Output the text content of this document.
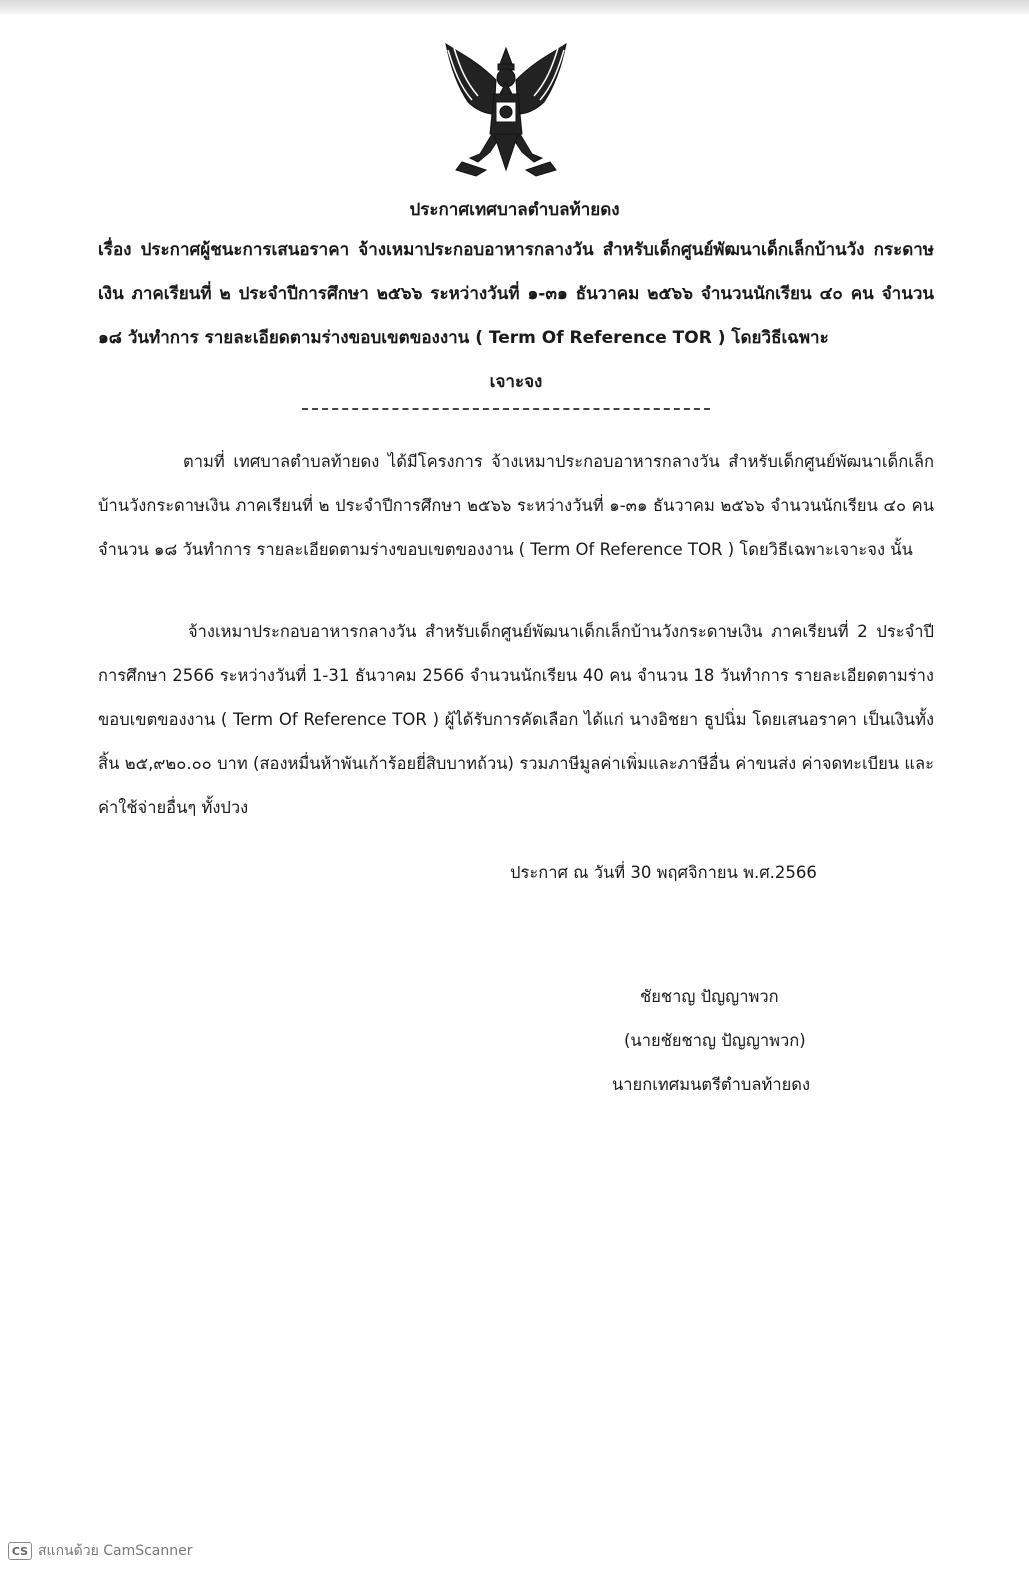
ประกาศเทศบาลตำบลท้ายดง
เรื่อง ประกาศผู้ชนะการเสนอราคา จ้างเหมาประกอบอาหารกลางวัน สำหรับเด็กศูนย์พัฒนาเด็กเล็กบ้านวัง กระดาษเงิน ภาคเรียนที่ ๒ ประจำปีการศึกษา ๒๕๖๖ ระหว่างวันที่ ๑-๓๑ ธันวาคม ๒๕๖๖ จำนวนนักเรียน ๔๐ คน จำนวน ๑๘ วันทำการ รายละเอียดตามร่างขอบเขตของงาน ( Term Of Reference TOR ) โดยวิธีเฉพาะ
เจาะจง
ตามที่ เทศบาลตำบลท้ายดง ได้มีโครงการ จ้างเหมาประกอบอาหารกลางวัน สำหรับเด็กศูนย์พัฒนาเด็กเล็กบ้านวังกระดาษเงิน ภาคเรียนที่ ๒ ประจำปีการศึกษา ๒๕๖๖ ระหว่างวันที่ ๑-๓๑ ธันวาคม ๒๕๖๖ จำนวนนักเรียน ๔๐ คน จำนวน ๑๘ วันทำการ รายละเอียดตามร่างขอบเขตของงาน ( Term Of Reference TOR ) โดยวิธีเฉพาะเจาะจง นั้น
จ้างเหมาประกอบอาหารกลางวัน สำหรับเด็กศูนย์พัฒนาเด็กเล็กบ้านวังกระดาษเงิน ภาคเรียนที่ 2 ประจำปีการศึกษา 2566 ระหว่างวันที่ 1-31 ธันวาคม 2566 จำนวนนักเรียน 40 คน จำนวน 18 วันทำการ รายละเอียดตามร่างขอบเขตของงาน ( Term Of Reference TOR ) ผู้ได้รับการคัดเลือก ได้แก่ นางอิชยา ธูปนิ่ม โดยเสนอราคา เป็นเงินทั้งสิ้น ๒๕,๙๒๐.๐๐ บาท (สองหมื่นห้าพันเก้าร้อยยี่สิบบาทถ้วน) รวมภาษีมูลค่าเพิ่มและภาษีอื่น ค่าขนส่ง ค่าจดทะเบียน และค่าใช้จ่ายอื่นๆ ทั้งปวง
ประกาศ ณ วันที่ 30 พฤศจิกายน พ.ศ.2566
ชัยชาญ ปัญญาพวก
(นายชัยชาญ ปัญญาพวก)
นายกเทศมนตรีตำบลท้ายดง
CS สแกนด้วย CamScanner
